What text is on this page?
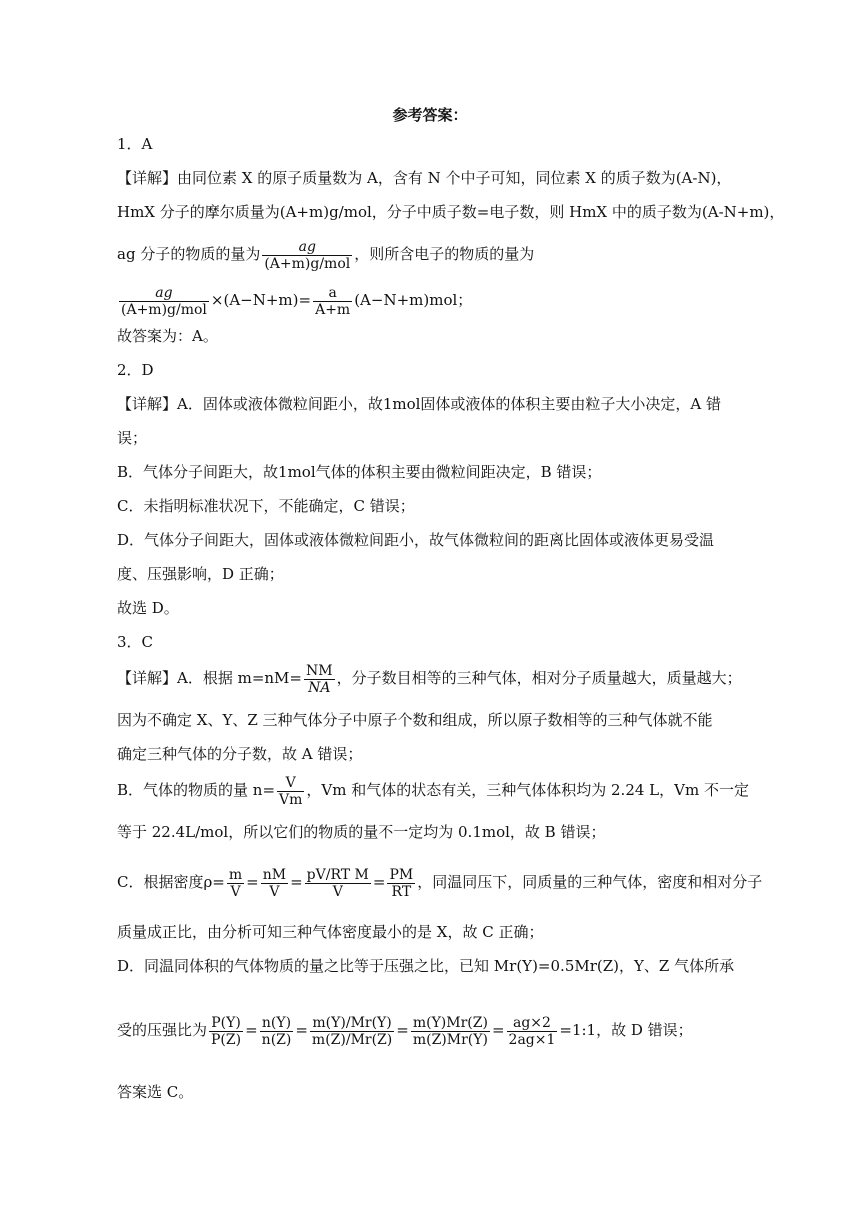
参考答案：
1．A
【详解】由同位素 X 的原子质量数为 A，含有 N 个中子可知，同位素 X 的质子数为(A-N)，
HmX 分子的摩尔质量为(A+m)g/mol，分子中质子数=电子数，则 HmX 中的质子数为(A-N+m)，
ag 分子的物质的量为 $\frac{ag}{\text{(A+m)g/mol}}$ ，则所含电子的物质的量为
$\frac{ag}{\text{(A+m)g/mol}} \times(A-N+m)= \frac{a}{A+m} (A-N+m)mol$；
故答案为：A。
2．D
【详解】A．固体或液体微粒间距小，故1mol固体或液体的体积主要由粒子大小决定，A 错
误；
B．气体分子间距大，故1mol气体的体积主要由微粒间距决定，B 错误；
C．未指明标准状况下，不能确定，C 错误；
D．气体分子间距大，固体或液体微粒间距小，故气体微粒间的距离比固体或液体更易受温
度、压强影响，D 正确；
故选 D。
3．C
【详解】A．根据 $m=nM= \frac{NM}{NA}$ ，分子数目相等的三种气体，相对分子质量越大，质量越大；
因为不确定 X、Y、Z 三种气体分子中原子个数和组成，所以原子数相等的三种气体就不能
确定三种气体的分子数，故 A 错误；
B．气体的物质的量 $n= \frac{V}{Vm}$ ，Vm 和气体的状态有关，三种气体体积均为 2.24 L，Vm 不一定
等于 22.4L/mol，所以它们的物质的量不一定均为 0.1mol，故 B 错误；
C．根据密度$\rho= \frac{m}{V} = \frac{nM}{V} = \frac{\text{pV/RT M}}{V} = \frac{PM}{RT}$ ，同温同压下，同质量的三种气体，密度和相对分子
质量成正比，由分析可知三种气体密度最小的是 X，故 C 正确；
D．同温同体积的气体物质的量之比等于压强之比，已知 Mr(Y)=0.5Mr(Z)，Y、Z 气体所承
受的压强比为 $\frac{P(Y)}{P(Z)} = \frac{n(Y)}{n(Z)} = \frac{m(Y)/Mr(Y)}{m(Z)/Mr(Z)} = \frac{m(Y)Mr(Z)}{m(Z)Mr(Y)} = \frac{ag\times 2}{2ag\times 1}$ =1:1，故 D 错误；
答案选 C。
